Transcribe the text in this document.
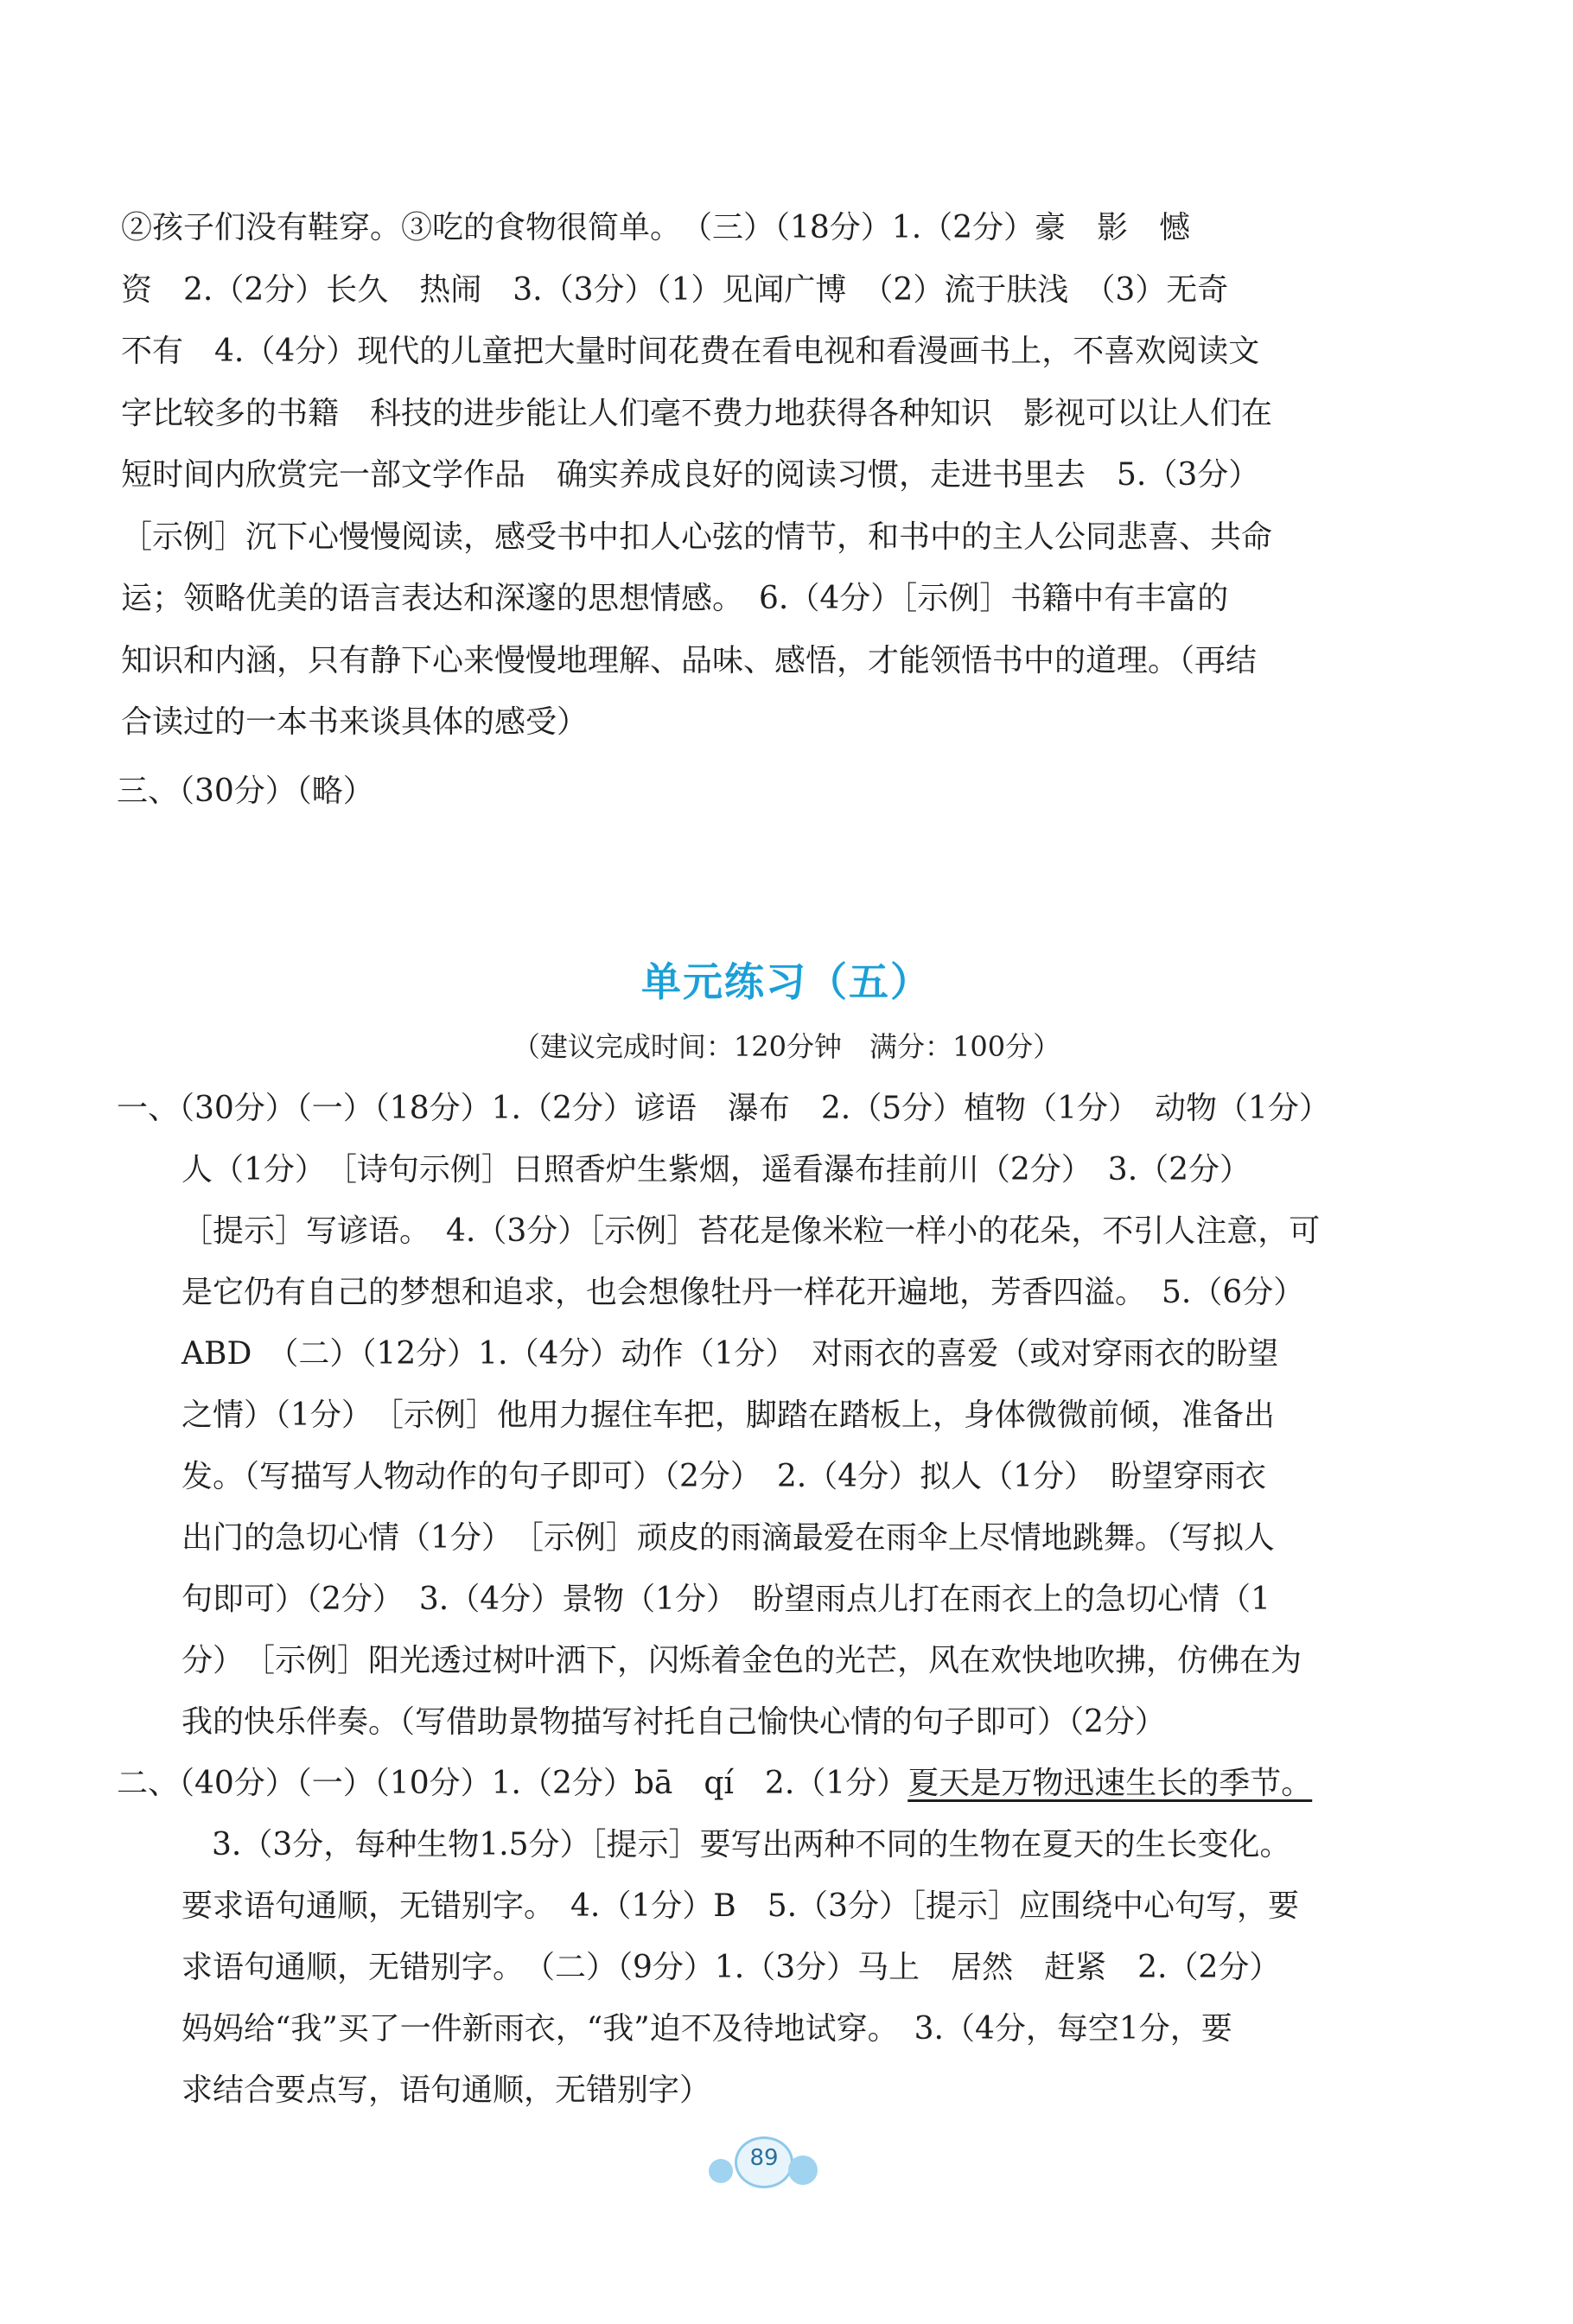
②孩子们没有鞋穿。③吃的食物很简单。　（三）（18分）1.（2分）豪　影　憾
资　2.（2分）长久　热闹　3.（3分）（1）见闻广博　（2）流于肤浅　（3）无奇
不有　4.（4分）现代的儿童把大量时间花费在看电视和看漫画书上，不喜欢阅读文
字比较多的书籍　科技的进步能让人们毫不费力地获得各种知识　影视可以让人们在
短时间内欣赏完一部文学作品　确实养成良好的阅读习惯，走进书里去　5.（3分）
［示例］沉下心慢慢阅读，感受书中扣人心弦的情节，和书中的主人公同悲喜、共命
运；领略优美的语言表达和深邃的思想情感。　6.（4分）［示例］书籍中有丰富的
知识和内涵，只有静下心来慢慢地理解、品味、感悟，才能领悟书中的道理。（再结
合读过的一本书来谈具体的感受）
三、（30分）（略）
单元练习（五）
（建议完成时间：120分钟　满分：100分）
一、（30分）（一）（18分）1.（2分）谚语　瀑布　2.（5分）植物（1分）　动物（1分）
人（1分）　［诗句示例］日照香炉生紫烟，遥看瀑布挂前川（2分）　3.（2分）
［提示］写谚语。　4.（3分）［示例］苔花是像米粒一样小的花朵，不引人注意，可
是它仍有自己的梦想和追求，也会想像牡丹一样花开遍地，芳香四溢。　5.（6分）
ABD　（二）（12分）1.（4分）动作（1分）　对雨衣的喜爱（或对穿雨衣的盼望
之情）（1分）　［示例］他用力握住车把，脚踏在踏板上，身体微微前倾，准备出
发。（写描写人物动作的句子即可）（2分）　2.（4分）拟人（1分）　盼望穿雨衣
出门的急切心情（1分）　［示例］顽皮的雨滴最爱在雨伞上尽情地跳舞。（写拟人
句即可）（2分）　3.（4分）景物（1分）　盼望雨点儿打在雨衣上的急切心情（1
分）　［示例］阳光透过树叶洒下，闪烁着金色的光芒，风在欢快地吹拂，仿佛在为
我的快乐伴奏。（写借助景物描写衬托自己愉快心情的句子即可）（2分）
二、（40分）（一）（10分）1.（2分）bā　qí　2.（1分）夏天是万物迅速生长的季节。
3.（3分，每种生物1.5分）［提示］要写出两种不同的生物在夏天的生长变化。
要求语句通顺，无错别字。　4.（1分）B　5.（3分）［提示］应围绕中心句写，要
求语句通顺，无错别字。　（二）（9分）1.（3分）马上　居然　赶紧　2.（2分）
妈妈给“我”买了一件新雨衣，“我”迫不及待地试穿。　3.（4分，每空1分，要
求结合要点写，语句通顺，无错别字）
89
